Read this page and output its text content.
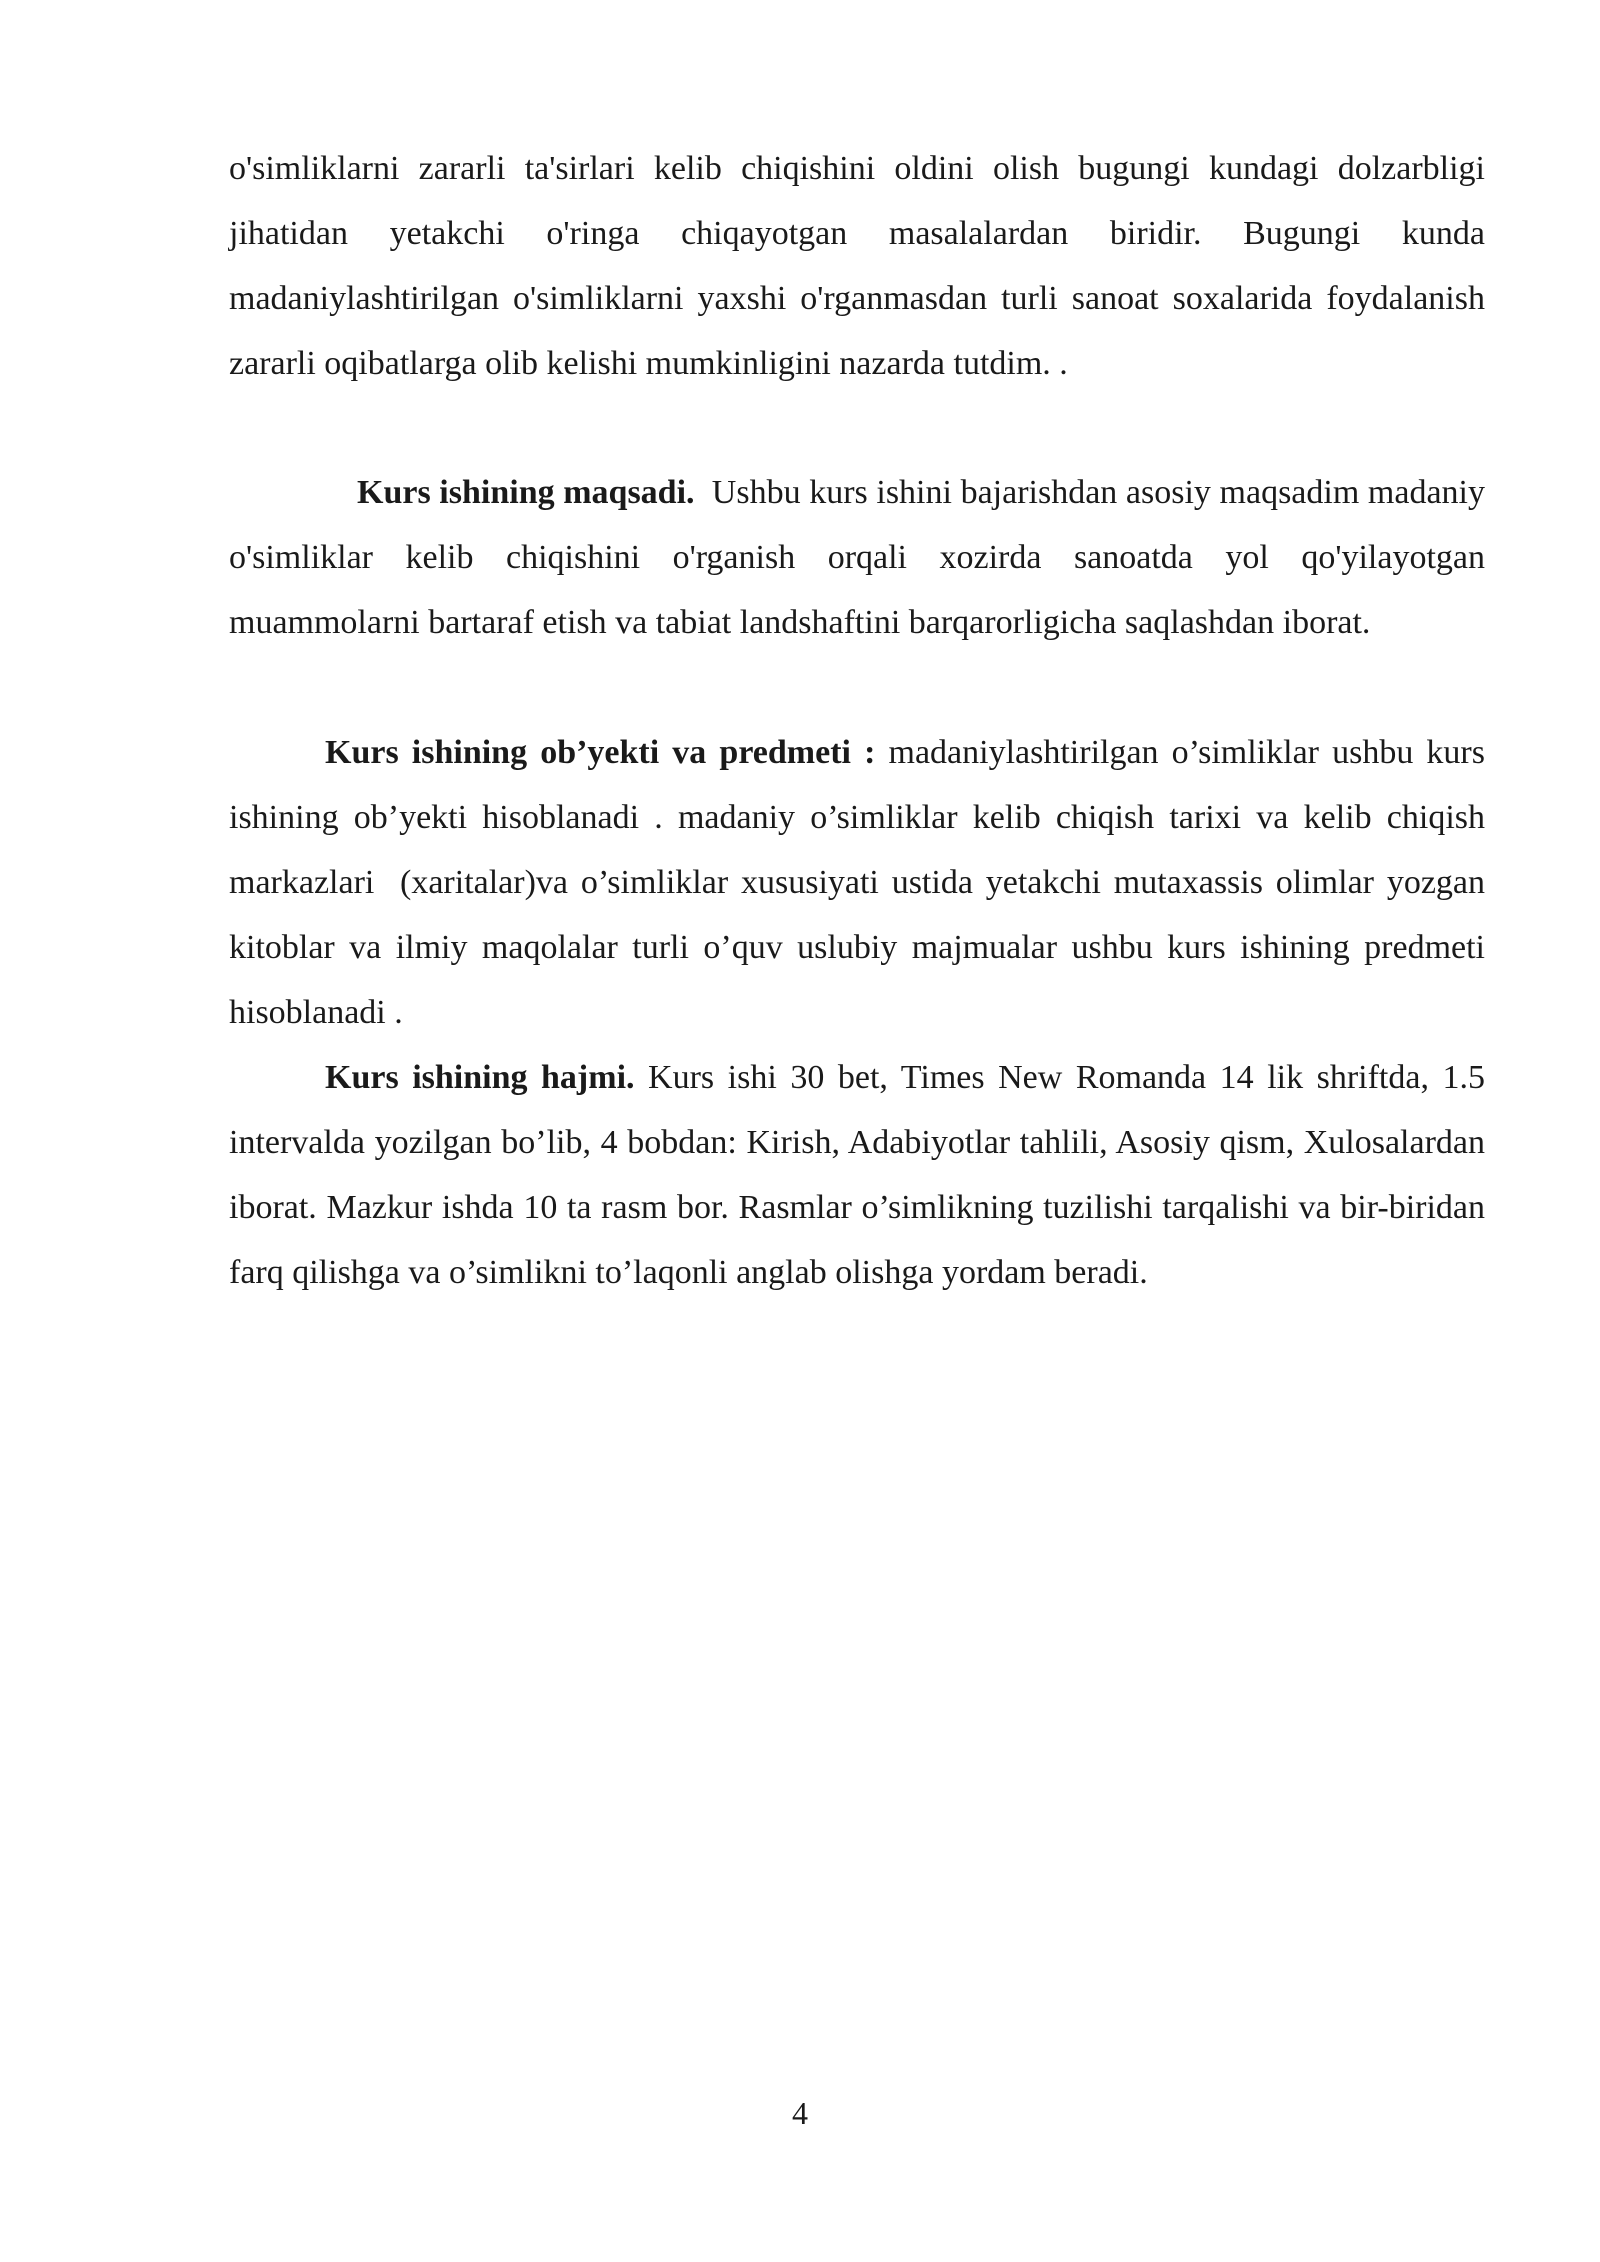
o'simliklarni zararli ta'sirlari kelib chiqishini oldini olish bugungi kundagi dolzarbligi jihatidan yetakchi o'ringa chiqayotgan masalalardan biridir. Bugungi kunda madaniylashtirilgan o'simliklarni yaxshi o'rganmasdan turli sanoat soxalarida foydalanish zararli oqibatlarga olib kelishi mumkinligini nazarda tutdim. .

Kurs ishining maqsadi.  Ushbu kurs ishini bajarishdan asosiy maqsadim madaniy o'simliklar kelib chiqishini o'rganish orqali xozirda sanoatda yol qo'yilayotgan muammolarni bartaraf etish va tabiat landshaftini barqarorligicha saqlashdan iborat.

Kurs ishining ob’yekti va predmeti : madaniylashtirilgan o’simliklar ushbu kurs ishining ob’yekti hisoblanadi . madaniy o’simliklar kelib chiqish tarixi va kelib chiqish markazlari  (xaritalar)va o’simliklar xususiyati ustida yetakchi mutaxassis olimlar yozgan kitoblar va ilmiy maqolalar turli o’quv uslubiy majmualar ushbu kurs ishining predmeti hisoblanadi .

Kurs ishining hajmi. Kurs ishi 30 bet, Times New Romanda 14 lik shriftda, 1.5 intervalda yozilgan bo’lib, 4 bobdan: Kirish, Adabiyotlar tahlili, Asosiy qism, Xulosalardan iborat. Mazkur ishda 10 ta rasm bor. Rasmlar o’simlikning tuzilishi tarqalishi va bir-biridan farq qilishga va o’simlikni to’laqonli anglab olishga yordam beradi.

4
